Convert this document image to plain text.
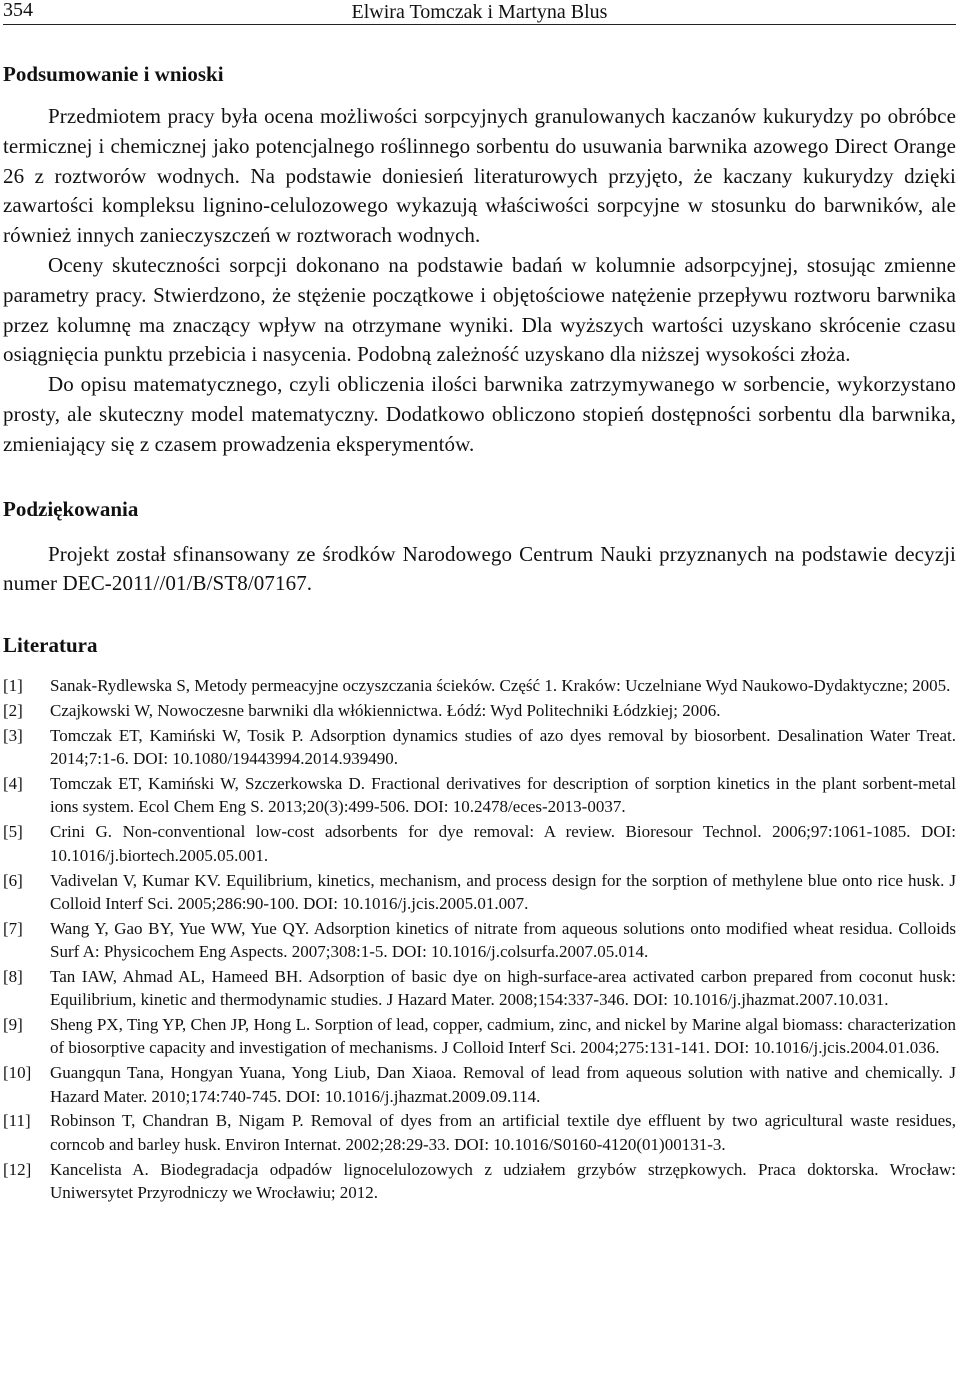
354	Elwira Tomczak i Martyna Blus
Podsumowanie i wnioski

Przedmiotem pracy była ocena możliwości sorpcyjnych granulowanych kaczanów kukurydzy po obróbce termicznej i chemicznej jako potencjalnego roślinnego sorbentu do usuwania barwnika azowego Direct Orange 26 z roztworów wodnych. Na podstawie doniesień literaturowych przyjęto, że kaczany kukurydzy dzięki zawartości kompleksu lignino-celulozowego wykazują właściwości sorpcyjne w stosunku do barwników, ale również innych zanieczyszczeń w roztworach wodnych.

Oceny skuteczności sorpcji dokonano na podstawie badań w kolumnie adsorpcyjnej, stosując zmienne parametry pracy. Stwierdzono, że stężenie początkowe i objętościowe natężenie przepływu roztworu barwnika przez kolumnę ma znaczący wpływ na otrzymane wyniki. Dla wyższych wartości uzyskano skrócenie czasu osiągnięcia punktu przebicia i nasycenia. Podobną zależność uzyskano dla niższej wysokości złoża.

Do opisu matematycznego, czyli obliczenia ilości barwnika zatrzymywanego w sorbencie, wykorzystano prosty, ale skuteczny model matematyczny. Dodatkowo obliczono stopień dostępności sorbentu dla barwnika, zmieniający się z czasem prowadzenia eksperymentów.

Podziękowania

Projekt został sfinansowany ze środków Narodowego Centrum Nauki przyznanych na podstawie decyzji numer DEC-2011//01/B/ST8/07167.

Literatura
[1]	Sanak-Rydlewska S, Metody permeacyjne oczyszczania ścieków. Część 1. Kraków: Uczelniane Wyd Naukowo-Dydaktyczne; 2005.
[2]	Czajkowski W, Nowoczesne barwniki dla włókiennictwa. Łódź: Wyd Politechniki Łódzkiej; 2006.
[3]	Tomczak ET, Kamiński W, Tosik P. Adsorption dynamics studies of azo dyes removal by biosorbent. Desalination Water Treat. 2014;7:1-6. DOI: 10.1080/19443994.2014.939490.
[4]	Tomczak ET, Kamiński W, Szczerkowska D. Fractional derivatives for description of sorption kinetics in the plant sorbent-metal ions system. Ecol Chem Eng S. 2013;20(3):499-506. DOI: 10.2478/eces-2013-0037.
[5]	Crini G. Non-conventional low-cost adsorbents for dye removal: A review. Bioresour Technol. 2006;97:1061-1085. DOI: 10.1016/j.biortech.2005.05.001.
[6]	Vadivelan V, Kumar KV. Equilibrium, kinetics, mechanism, and process design for the sorption of methylene blue onto rice husk. J Colloid Interf Sci. 2005;286:90-100. DOI: 10.1016/j.jcis.2005.01.007.
[7]	Wang Y, Gao BY, Yue WW, Yue QY. Adsorption kinetics of nitrate from aqueous solutions onto modified wheat residua. Colloids Surf A: Physicochem Eng Aspects. 2007;308:1-5. DOI: 10.1016/j.colsurfa.2007.05.014.
[8]	Tan IAW, Ahmad AL, Hameed BH. Adsorption of basic dye on high-surface-area activated carbon prepared from coconut husk: Equilibrium, kinetic and thermodynamic studies. J Hazard Mater. 2008;154:337-346. DOI: 10.1016/j.jhazmat.2007.10.031.
[9]	Sheng PX, Ting YP, Chen JP, Hong L. Sorption of lead, copper, cadmium, zinc, and nickel by Marine algal biomass: characterization of biosorptive capacity and investigation of mechanisms. J Colloid Interf Sci. 2004;275:131-141. DOI: 10.1016/j.jcis.2004.01.036.
[10]	Guangqun Tana, Hongyan Yuana, Yong Liub, Dan Xiaoa. Removal of lead from aqueous solution with native and chemically. J Hazard Mater. 2010;174:740-745. DOI: 10.1016/j.jhazmat.2009.09.114.
[11]	Robinson T, Chandran B, Nigam P. Removal of dyes from an artificial textile dye effluent by two agricultural waste residues, corncob and barley husk. Environ Internat. 2002;28:29-33. DOI: 10.1016/S0160-4120(01)00131-3.
[12]	Kancelista A. Biodegradacja odpadów lignocelulozowych z udziałem grzybów strzępkowych. Praca doktorska. Wrocław: Uniwersytet Przyrodniczy we Wrocławiu; 2012.
